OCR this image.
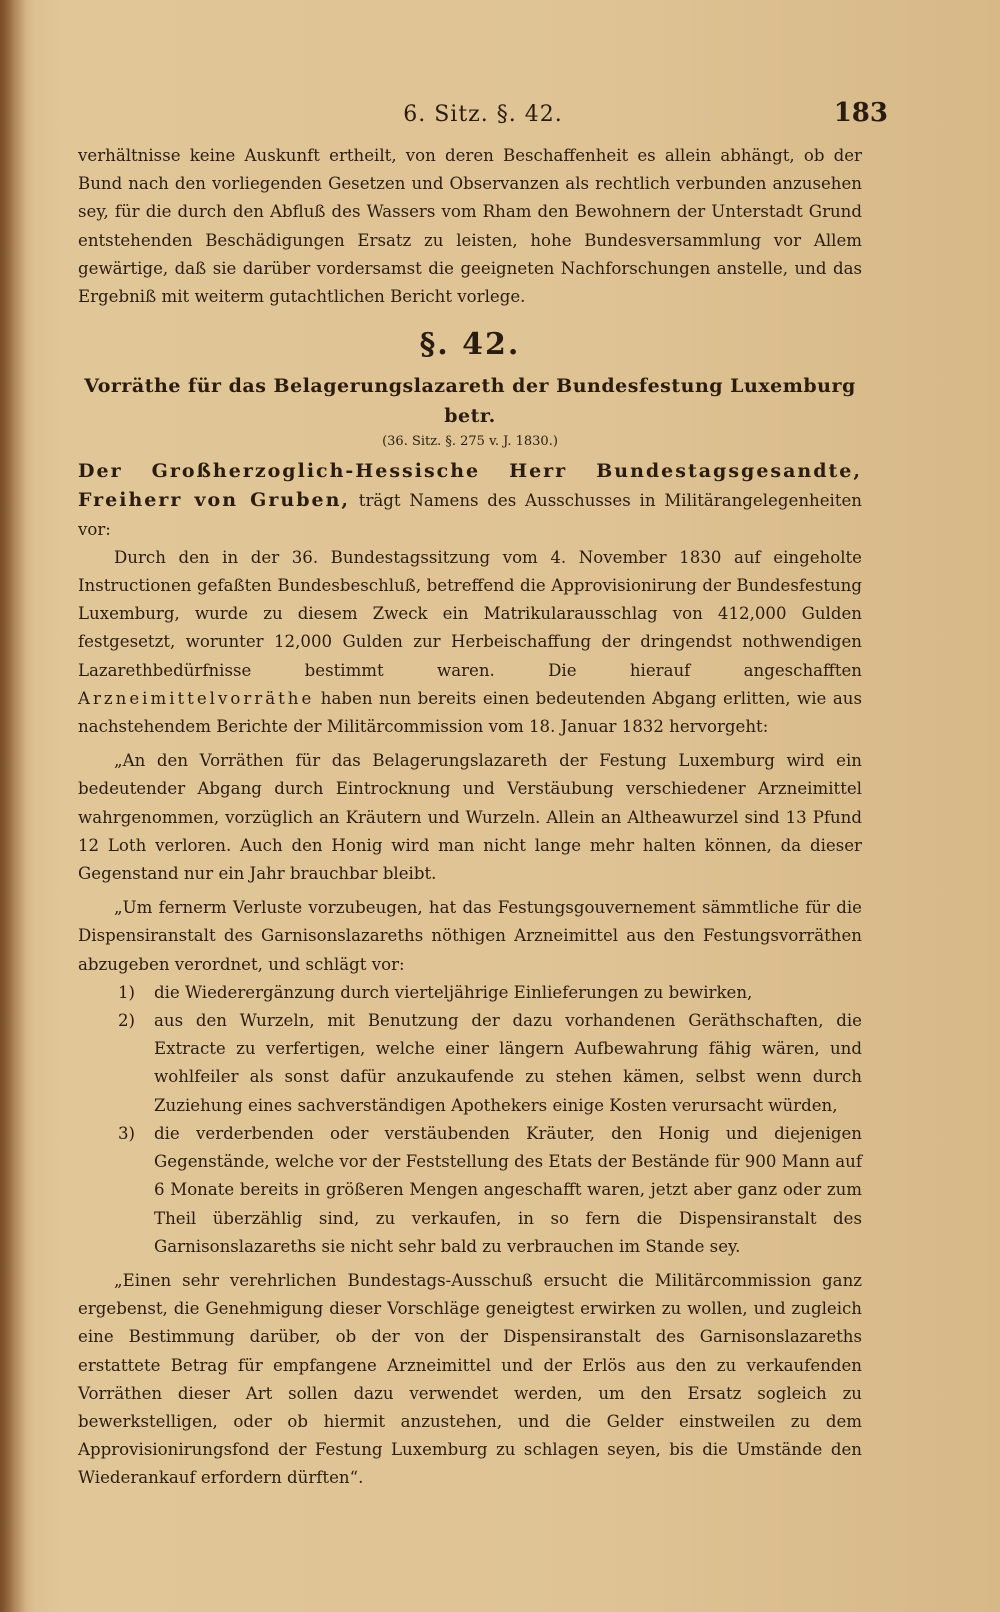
6. Sitz. §. 42.	183

verhältnisse keine Auskunft ertheilt, von deren Beschaffenheit es allein abhängt, ob der Bund nach den vorliegenden Gesetzen und Observanzen als rechtlich verbunden anzusehen sey, für die durch den Abfluß des Wassers vom Rham den Bewohnern der Unterstadt Grund entstehenden Beschädigungen Ersatz zu leisten, hohe Bundesversammlung vor Allem gewärtige, daß sie darüber vordersamst die geeigneten Nachforschungen anstelle, und das Ergebniß mit weiterm gutachtlichen Bericht vorlege.

§. 42.

Vorräthe für das Belagerungslazareth der Bundesfestung Luxemburg betr.

(36. Sitz. §. 275 v. J. 1830.)

Der Großherzoglich-Hessische Herr Bundestagsgesandte, Freiherr von Gruben, trägt Namens des Ausschusses in Militärangelegenheiten vor:

Durch den in der 36. Bundestagssitzung vom 4. November 1830 auf eingeholte Instructionen gefaßten Bundesbeschluß, betreffend die Approvisionirung der Bundesfestung Luxemburg, wurde zu diesem Zweck ein Matrikularausschlag von 412,000 Gulden festgesetzt, worunter 12,000 Gulden zur Herbeischaffung der dringendst nothwendigen Lazarethbedürfnisse bestimmt waren. Die hierauf angeschafften Arzneimittelvorräthe haben nun bereits einen bedeutenden Abgang erlitten, wie aus nachstehendem Berichte der Militärcommission vom 18. Januar 1832 hervorgeht:

„An den Vorräthen für das Belagerungslazareth der Festung Luxemburg wird ein bedeutender Abgang durch Eintrocknung und Verstäubung verschiedener Arzneimittel wahrgenommen, vorzüglich an Kräutern und Wurzeln. Allein an Altheawurzel sind 13 Pfund 12 Loth verloren. Auch den Honig wird man nicht lange mehr halten können, da dieser Gegenstand nur ein Jahr brauchbar bleibt.

„Um fernerm Verluste vorzubeugen, hat das Festungsgouvernement sämmtliche für die Dispensiranstalt des Garnisonslazareths nöthigen Arzneimittel aus den Festungsvorräthen abzugeben verordnet, und schlägt vor:

1) die Wiederergänzung durch vierteljährige Einlieferungen zu bewirken,

2) aus den Wurzeln, mit Benutzung der dazu vorhandenen Geräthschaften, die Extracte zu verfertigen, welche einer längern Aufbewahrung fähig wären, und wohlfeiler als sonst dafür anzukaufende zu stehen kämen, selbst wenn durch Zuziehung eines sachverständigen Apothekers einige Kosten verursacht würden,

3) die verderbenden oder verstäubenden Kräuter, den Honig und diejenigen Gegenstände, welche vor der Feststellung des Etats der Bestände für 900 Mann auf 6 Monate bereits in größeren Mengen angeschafft waren, jetzt aber ganz oder zum Theil überzählig sind, zu verkaufen, in so fern die Dispensiranstalt des Garnisonslazareths sie nicht sehr bald zu verbrauchen im Stande sey.

„Einen sehr verehrlichen Bundestags-Ausschuß ersucht die Militärcommission ganz ergebenst, die Genehmigung dieser Vorschläge geneigtest erwirken zu wollen, und zugleich eine Bestimmung darüber, ob der von der Dispensiranstalt des Garnisonslazareths erstattete Betrag für empfangene Arzneimittel und der Erlös aus den zu verkaufenden Vorräthen dieser Art sollen dazu verwendet werden, um den Ersatz sogleich zu bewerkstelligen, oder ob hiermit anzustehen, und die Gelder einstweilen zu dem Approvisionirungsfond der Festung Luxemburg zu schlagen seyen, bis die Umstände den Wiederankauf erfordern dürften“.
